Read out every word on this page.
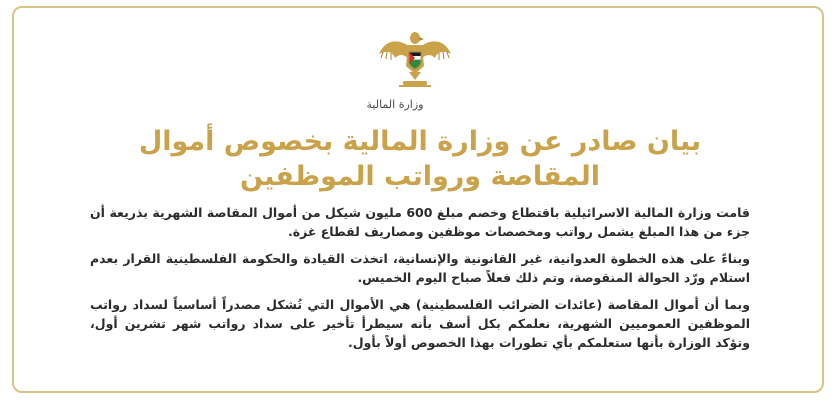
وزارة المالية
بيان صادر عن وزارة المالية بخصوص أموال
المقاصة ورواتب الموظفين
قامت وزارة المالية الاسرائيلية باقتطاع وخصم مبلغ 600 مليون شيكل من أموال المقاصة الشهرية بذريعة أن جزء من هذا المبلغ يشمل رواتب ومخصصات موظفين ومصاريف لقطاع غزة.
وبناءً على هذه الخطوة العدوانية، غير القانونية والإنسانية، اتخذت القيادة والحكومة الفلسطينية القرار بعدم استلام ورّد الحوالة المنقوصة، وتم ذلك فعلاً صباح اليوم الخميس.
وبما أن أموال المقاصة (عائدات الضرائب الفلسطينية) هي الأموال التي تُشكل مصدراً أساسياً لسداد رواتب الموظفين العموميين الشهرية، نعلمكم بكل أسف بأنه سيطرأ تأخير على سداد رواتب شهر تشرين أول، وتؤكد الوزارة بأنها ستعلمكم بأي تطورات بهذا الخصوص أولاً بأول.
